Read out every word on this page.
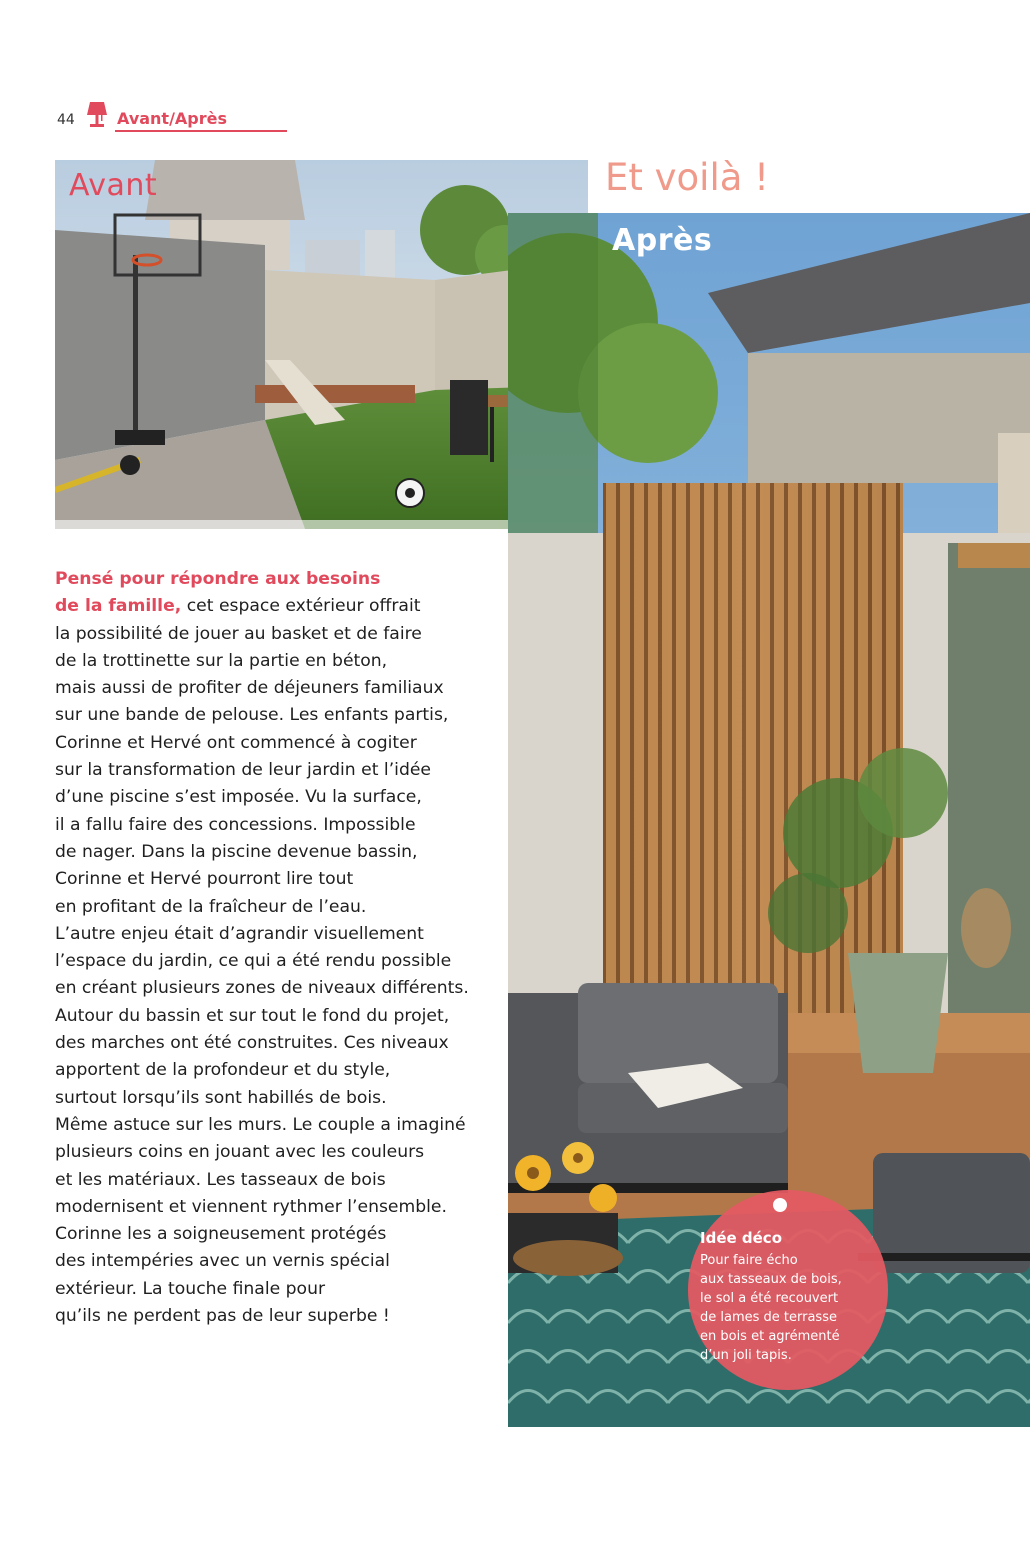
44	Avant/Après
Et voilà !
Avant
Après
Pensé pour répondre aux besoins
de la famille, cet espace extérieur offrait
la possibilité de jouer au basket et de faire
de la trottinette sur la partie en béton,
mais aussi de profiter de déjeuners familiaux
sur une bande de pelouse. Les enfants partis,
Corinne et Hervé ont commencé à cogiter
sur la transformation de leur jardin et l’idée
d’une piscine s’est imposée. Vu la surface,
il a fallu faire des concessions. Impossible
de nager. Dans la piscine devenue bassin,
Corinne et Hervé pourront lire tout
en profitant de la fraîcheur de l’eau.
L’autre enjeu était d’agrandir visuellement
l’espace du jardin, ce qui a été rendu possible
en créant plusieurs zones de niveaux différents.
Autour du bassin et sur tout le fond du projet,
des marches ont été construites. Ces niveaux
apportent de la profondeur et du style,
surtout lorsqu’ils sont habillés de bois.
Même astuce sur les murs. Le couple a imaginé
plusieurs coins en jouant avec les couleurs
et les matériaux. Les tasseaux de bois
modernisent et viennent rythmer l’ensemble.
Corinne les a soigneusement protégés
des intempéries avec un vernis spécial
extérieur. La touche finale pour
qu’ils ne perdent pas de leur superbe !
Idée déco
Pour faire écho
aux tasseaux de bois,
le sol a été recouvert
de lames de terrasse
en bois et agrémenté
d’un joli tapis.
